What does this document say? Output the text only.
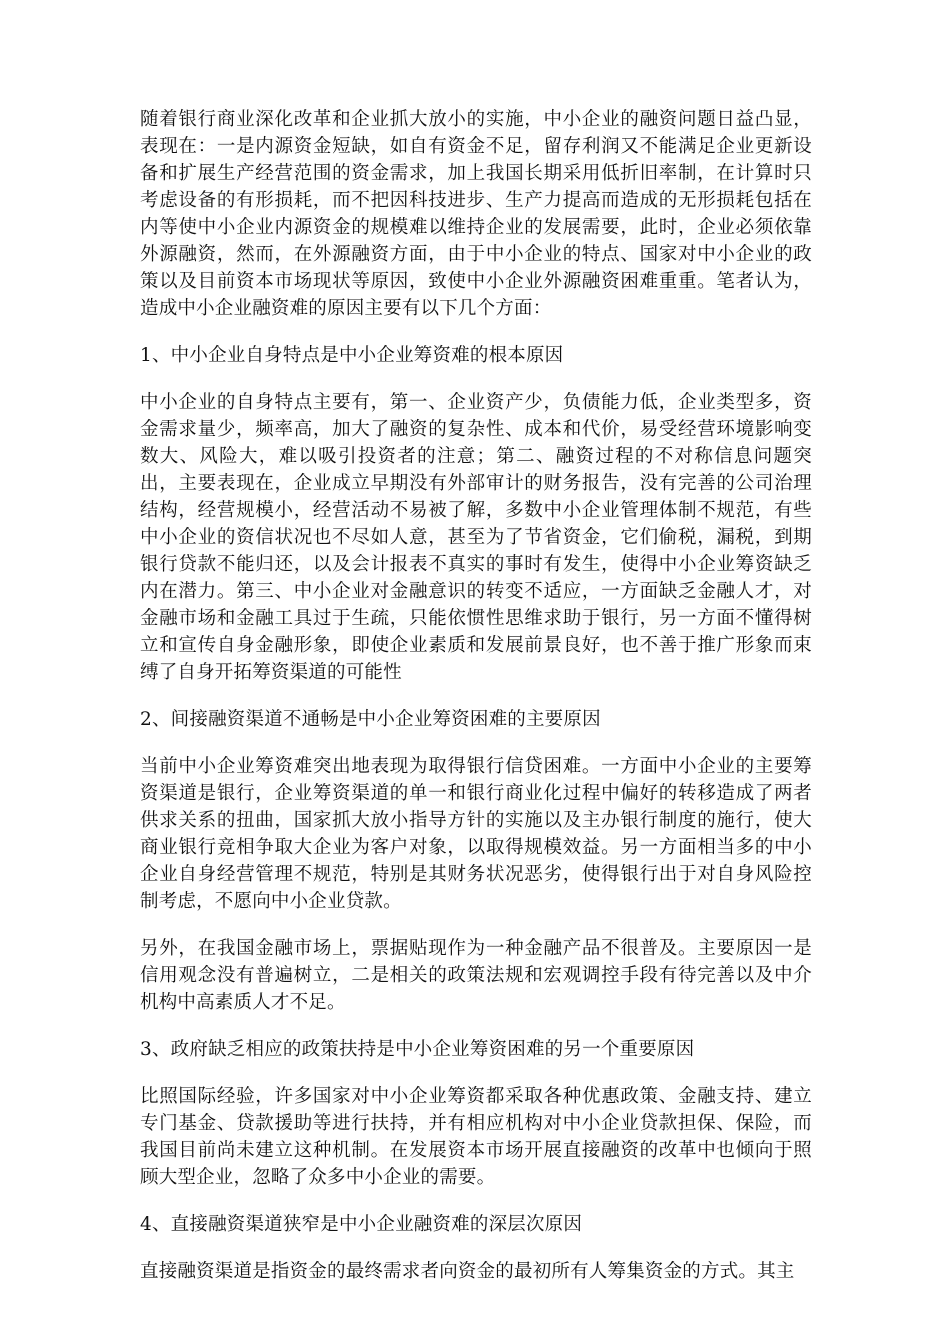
随着银行商业深化改革和企业抓大放小的实施，中小企业的融资问题日益凸显，表现在：一是内源资金短缺，如自有资金不足，留存利润又不能满足企业更新设备和扩展生产经营范围的资金需求，加上我国长期采用低折旧率制，在计算时只考虑设备的有形损耗，而不把因科技进步、生产力提高而造成的无形损耗包括在内等使中小企业内源资金的规模难以维持企业的发展需要，此时，企业必须依靠外源融资，然而，在外源融资方面，由于中小企业的特点、国家对中小企业的政策以及目前资本市场现状等原因，致使中小企业外源融资困难重重。笔者认为，造成中小企业融资难的原因主要有以下几个方面：

1、中小企业自身特点是中小企业筹资难的根本原因

中小企业的自身特点主要有，第一、企业资产少，负债能力低，企业类型多，资金需求量少，频率高，加大了融资的复杂性、成本和代价，易受经营环境影响变数大、风险大，难以吸引投资者的注意；第二、融资过程的不对称信息问题突出，主要表现在，企业成立早期没有外部审计的财务报告，没有完善的公司治理结构，经营规模小，经营活动不易被了解，多数中小企业管理体制不规范，有些中小企业的资信状况也不尽如人意，甚至为了节省资金，它们偷税，漏税，到期银行贷款不能归还，以及会计报表不真实的事时有发生，使得中小企业筹资缺乏内在潜力。第三、中小企业对金融意识的转变不适应，一方面缺乏金融人才，对金融市场和金融工具过于生疏，只能依惯性思维求助于银行，另一方面不懂得树立和宣传自身金融形象，即使企业素质和发展前景良好，也不善于推广形象而束缚了自身开拓筹资渠道的可能性

2、间接融资渠道不通畅是中小企业筹资困难的主要原因

当前中小企业筹资难突出地表现为取得银行信贷困难。一方面中小企业的主要筹资渠道是银行，企业筹资渠道的单一和银行商业化过程中偏好的转移造成了两者供求关系的扭曲，国家抓大放小指导方针的实施以及主办银行制度的施行，使大商业银行竞相争取大企业为客户对象，以取得规模效益。另一方面相当多的中小企业自身经营管理不规范，特别是其财务状况恶劣，使得银行出于对自身风险控制考虑，不愿向中小企业贷款。

另外，在我国金融市场上，票据贴现作为一种金融产品不很普及。主要原因一是信用观念没有普遍树立，二是相关的政策法规和宏观调控手段有待完善以及中介机构中高素质人才不足。

3、政府缺乏相应的政策扶持是中小企业筹资困难的另一个重要原因

比照国际经验，许多国家对中小企业筹资都采取各种优惠政策、金融支持、建立专门基金、贷款援助等进行扶持，并有相应机构对中小企业贷款担保、保险，而我国目前尚未建立这种机制。在发展资本市场开展直接融资的改革中也倾向于照顾大型企业，忽略了众多中小企业的需要。

4、直接融资渠道狭窄是中小企业融资难的深层次原因

直接融资渠道是指资金的最终需求者向资金的最初所有人筹集资金的方式。其主
